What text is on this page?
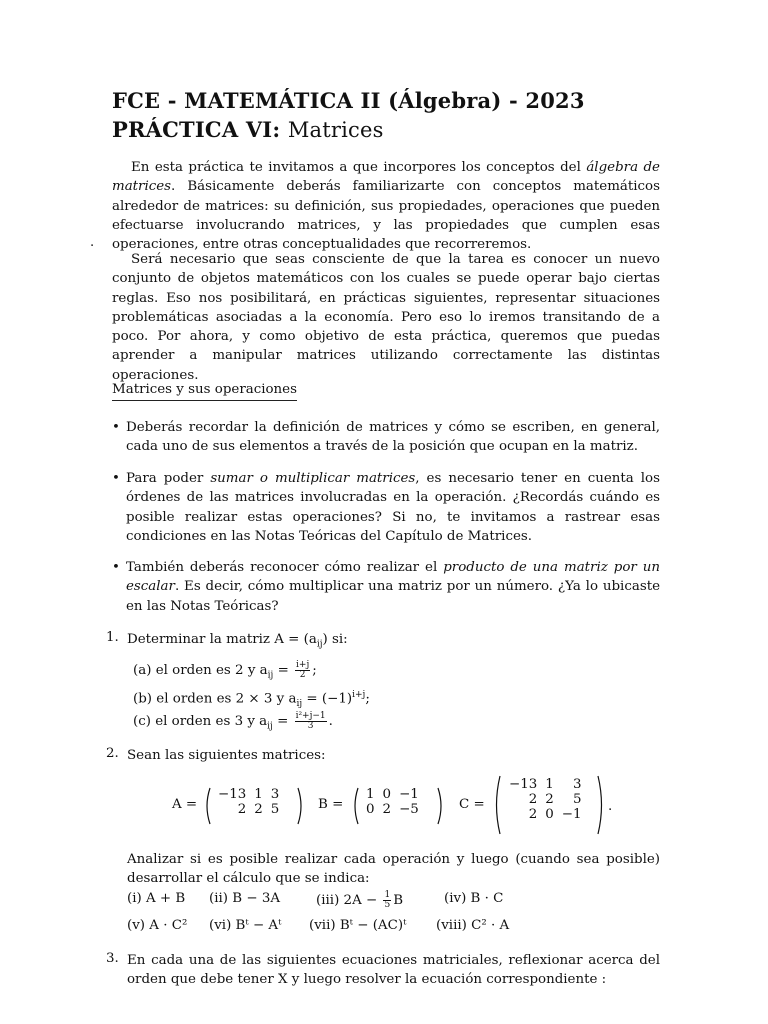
FCE - MATEMÁTICA II (Álgebra) - 2023
PRÁCTICA VI: Matrices
En esta práctica te invitamos a que incorpores los conceptos del álgebra de matrices. Básicamente deberás familiarizarte con conceptos matemáticos alrededor de matrices: su definición, sus propiedades, operaciones que pueden efectuarse involucrando matrices, y las propiedades que cumplen esas operaciones, entre otras conceptualidades que recorreremos.
.
Será necesario que seas consciente de que la tarea es conocer un nuevo conjunto de objetos matemáticos con los cuales se puede operar bajo ciertas reglas. Eso nos posibilitará, en prácticas siguientes, representar situaciones problemáticas asociadas a la economía. Pero eso lo iremos transitando de a poco. Por ahora, y como objetivo de esta práctica, queremos que puedas aprender a manipular matrices utilizando correctamente las distintas operaciones.
Matrices y sus operaciones
• Deberás recordar la definición de matrices y cómo se escriben, en general, cada uno de sus elementos a través de la posición que ocupan en la matriz.
• Para poder sumar o multiplicar matrices, es necesario tener en cuenta los órdenes de las matrices involucradas en la operación. ¿Recordás cuándo es posible realizar estas operaciones? Si no, te invitamos a rastrear esas condiciones en las Notas Teóricas del Capítulo de Matrices.
• También deberás reconocer cómo realizar el producto de una matriz por un escalar. Es decir, cómo multiplicar una matriz por un número. ¿Ya lo ubicaste en las Notas Teóricas?
1. Determinar la matriz $A = (a_{ij})$ si:
(a) el orden es 2 y $a_{ij} = \frac{i+j}{2}$ ;
(b) el orden es 2 × 3 y $a_{ij} = (-1)^{i+j}$;
(c) el orden es 3 y $a_{ij} = \frac{\text{i²+j−1}}{3}$ .
2. Sean las siguientes matrices:
A =
−13	1	3
2	2	5	B =
1	0	−1
0	2	−5	C =
−13	1	3
2	2	5
2	0	−1
.
Analizar si es posible realizar cada operación y luego (cuando sea posible) desarrollar el cálculo que se indica:
(i) A + B (ii) B − 3A	(iii) $2A - \frac{1}{5}$ B	(iv) B · C
(v) A · C² (vi) Bᵗ − Aᵗ (vii) Bᵗ − (AC)ᵗ (viii) C² · A
3. En cada una de las siguientes ecuaciones matriciales, reflexionar acerca del orden que debe tener X y luego resolver la ecuación correspondiente :
